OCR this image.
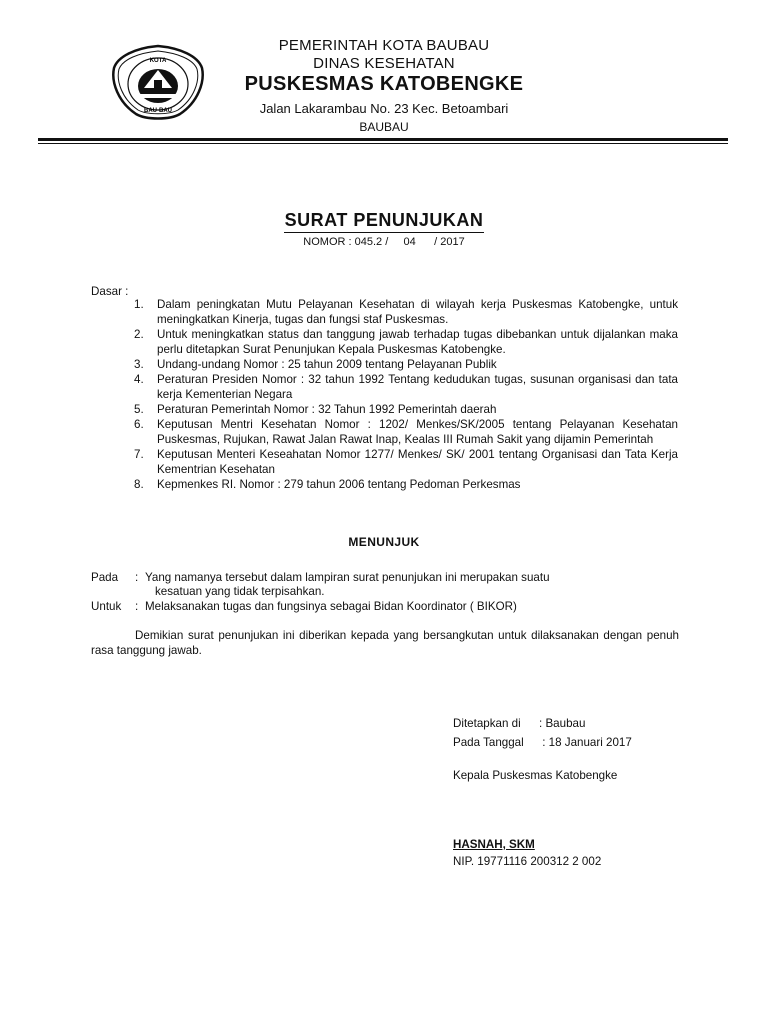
KOTA
BAU-BAU
PEMERINTAH KOTA BAUBAU
DINAS KESEHATAN
PUSKESMAS KATOBENGKE
Jalan Lakarambau No. 23 Kec. Betoambari
BAUBAU
SURAT PENUNJUKAN
NOMOR : 045.2 /     04      / 2017
Dasar :
1. Dalam peningkatan Mutu Pelayanan Kesehatan di wilayah kerja Puskesmas Katobengke, untuk meningkatkan Kinerja, tugas dan fungsi staf Puskesmas.
2. Untuk meningkatkan status dan tanggung jawab terhadap tugas dibebankan untuk dijalankan maka perlu ditetapkan Surat Penunjukan Kepala Puskesmas Katobengke.
3. Undang-undang Nomor : 25 tahun 2009 tentang Pelayanan Publik
4. Peraturan Presiden Nomor : 32 tahun 1992 Tentang kedudukan tugas, susunan organisasi dan tata kerja Kementerian Negara
5. Peraturan Pemerintah Nomor : 32 Tahun 1992 Pemerintah daerah
6. Keputusan Mentri Kesehatan Nomor : 1202/ Menkes/SK/2005 tentang Pelayanan Kesehatan Puskesmas, Rujukan, Rawat Jalan Rawat Inap, Kealas III Rumah Sakit yang dijamin Pemerintah
7. Keputusan Menteri Keseahatan Nomor 1277/ Menkes/ SK/ 2001 tentang Organisasi dan Tata Kerja Kementrian Kesehatan
8. Kepmenkes RI. Nomor : 279 tahun 2006 tentang Pedoman Perkesmas
MENUNJUK
Pada : Yang namanya tersebut dalam lampiran surat penunjukan ini merupakan suatu
kesatuan yang tidak terpisahkan.
Untuk : Melaksanakan tugas dan fungsinya sebagai Bidan Koordinator ( BIKOR)
Demikian surat penunjukan ini diberikan kepada yang bersangkutan untuk dilaksanakan dengan penuh rasa tanggung jawab.
Ditetapkan di : Baubau
Pada Tanggal : 18 Januari 2017
Kepala Puskesmas Katobengke
HASNAH, SKM
NIP. 19771116 200312 2 002
